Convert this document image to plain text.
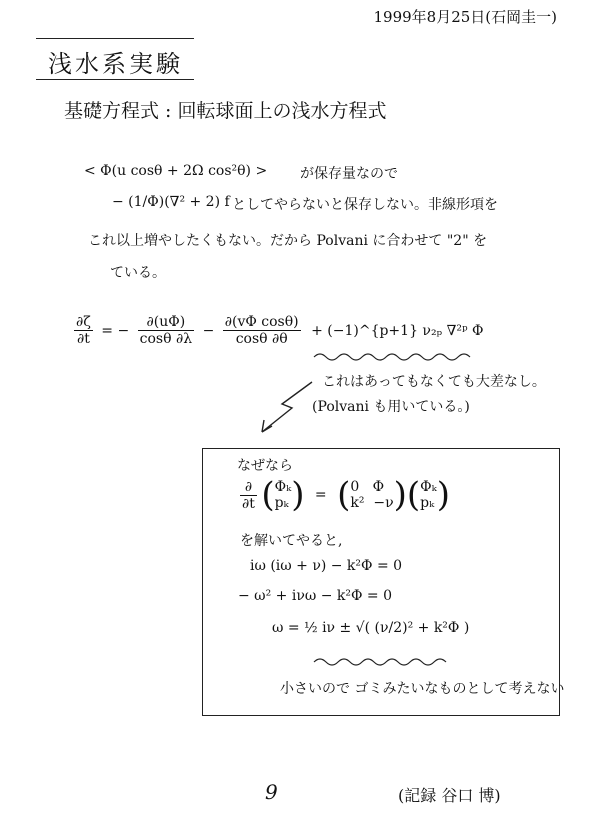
1999年8月25日(石岡圭一)
浅水系実験
基礎方程式 : 回転球面上の浅水方程式
< Φ(u cosθ + 2Ω cos²θ) > が保存量なので
− (1/Φ)(∇² + 2) f としてやらないと保存しない。非線形項を
これ以上増やしたくもない。だから Polvani に合わせて "2" を
ている。
$\frac{\partial\zeta}{\partial t}$ = − $\frac{\partial(u\Phi)}{\cos\theta \partial\lambda} - \frac{\text{∂(vΦ cosθ)}}{\cos\theta \partial\theta}$ + (−1)^{p+1} ν₂ₚ ∇²ᵖ Φ
これはあってもなくても大差なし。
(Polvani も用いている。)
なぜなら
$\frac{\partial}{\partial t}$ ( Φₖ
pₖ ) = ( 0   Φ
k²  −ν )( Φₖ
pₖ )
を解いてやると,
iω (iω + ν) − k²Φ = 0
− ω² + iνω − k²Φ = 0
ω = ½ iν ± √( (ν/2)² + k²Φ )
小さいので ゴミみたいなものとして考えない
9	(記録 谷口 博)
